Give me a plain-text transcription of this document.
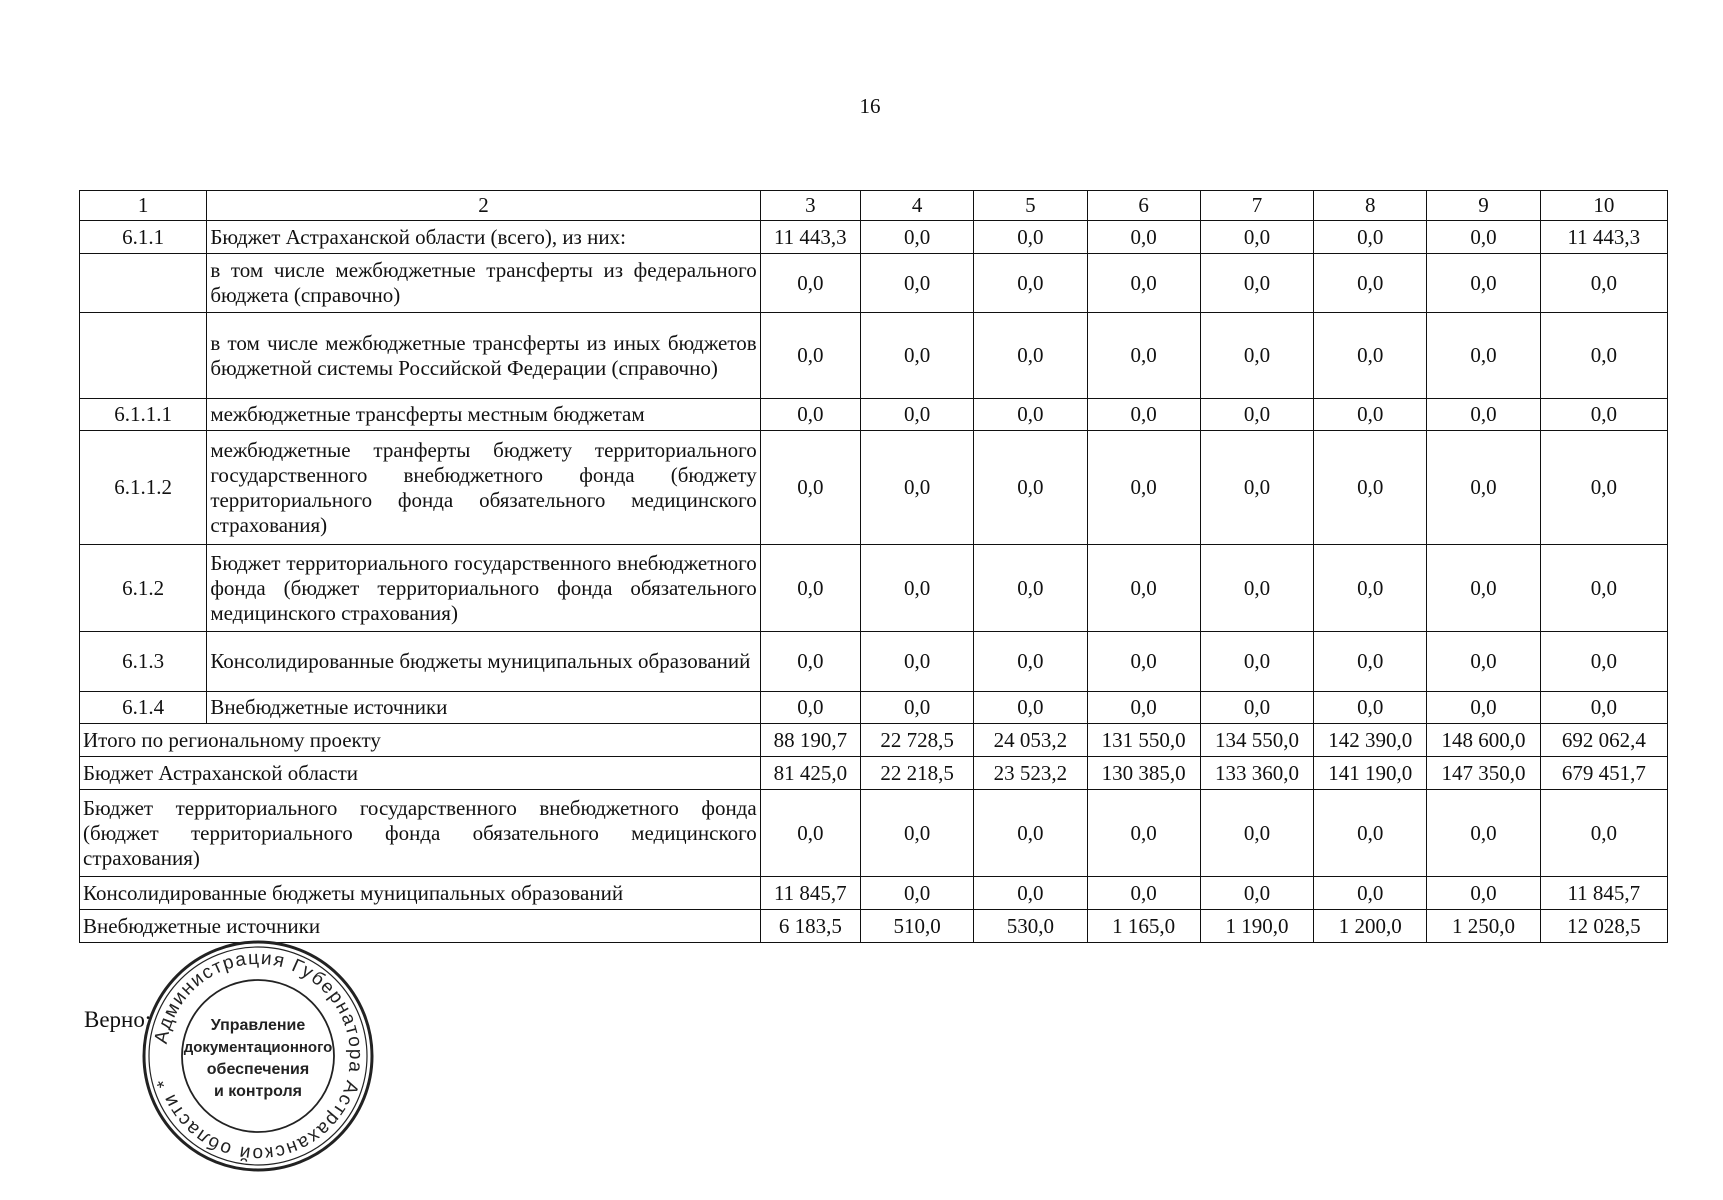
16
1	2	3	4	5	6	7	8	9	10
6.1.1	Бюджет Астраханской области (всего), из них:	11 443,3	0,0	0,0	0,0	0,0	0,0	0,0	11 443,3
	в том числе межбюджетные трансферты из федерального бюджета (справочно)	0,0	0,0	0,0	0,0	0,0	0,0	0,0	0,0
	в том числе межбюджетные трансферты из иных бюджетов бюджетной системы Российской Федерации (справочно)	0,0	0,0	0,0	0,0	0,0	0,0	0,0	0,0
6.1.1.1	межбюджетные трансферты местным бюджетам	0,0	0,0	0,0	0,0	0,0	0,0	0,0	0,0
6.1.1.2	межбюджетные транферты бюджету территориального государственного внебюджетного фонда (бюджету территориального фонда обязательного медицинского страхования)	0,0	0,0	0,0	0,0	0,0	0,0	0,0	0,0
6.1.2	Бюджет территориального государственного внебюджетного фонда (бюджет территориального фонда обязательного медицинского страхования)	0,0	0,0	0,0	0,0	0,0	0,0	0,0	0,0
6.1.3	Консолидированные бюджеты муниципальных образований	0,0	0,0	0,0	0,0	0,0	0,0	0,0	0,0
6.1.4	Внебюджетные источники	0,0	0,0	0,0	0,0	0,0	0,0	0,0	0,0
Итого по региональному проекту		88 190,7	22 728,5	24 053,2	131 550,0	134 550,0	142 390,0	148 600,0	692 062,4
Бюджет Астраханской области		81 425,0	22 218,5	23 523,2	130 385,0	133 360,0	141 190,0	147 350,0	679 451,7
Бюджет территориального государственного внебюджетного фонда (бюджет территориального фонда обязательного медицинского страхования)		0,0	0,0	0,0	0,0	0,0	0,0	0,0	0,0
Консолидированные бюджеты муниципальных образований		11 845,7	0,0	0,0	0,0	0,0	0,0	0,0	11 845,7
Внебюджетные источники		6 183,5	510,0	530,0	1 165,0	1 190,0	1 200,0	1 250,0	12 028,5
Верно:
Администрация Губернатора Астраханской области *
Управление
документационного
обеспечения
и контроля
